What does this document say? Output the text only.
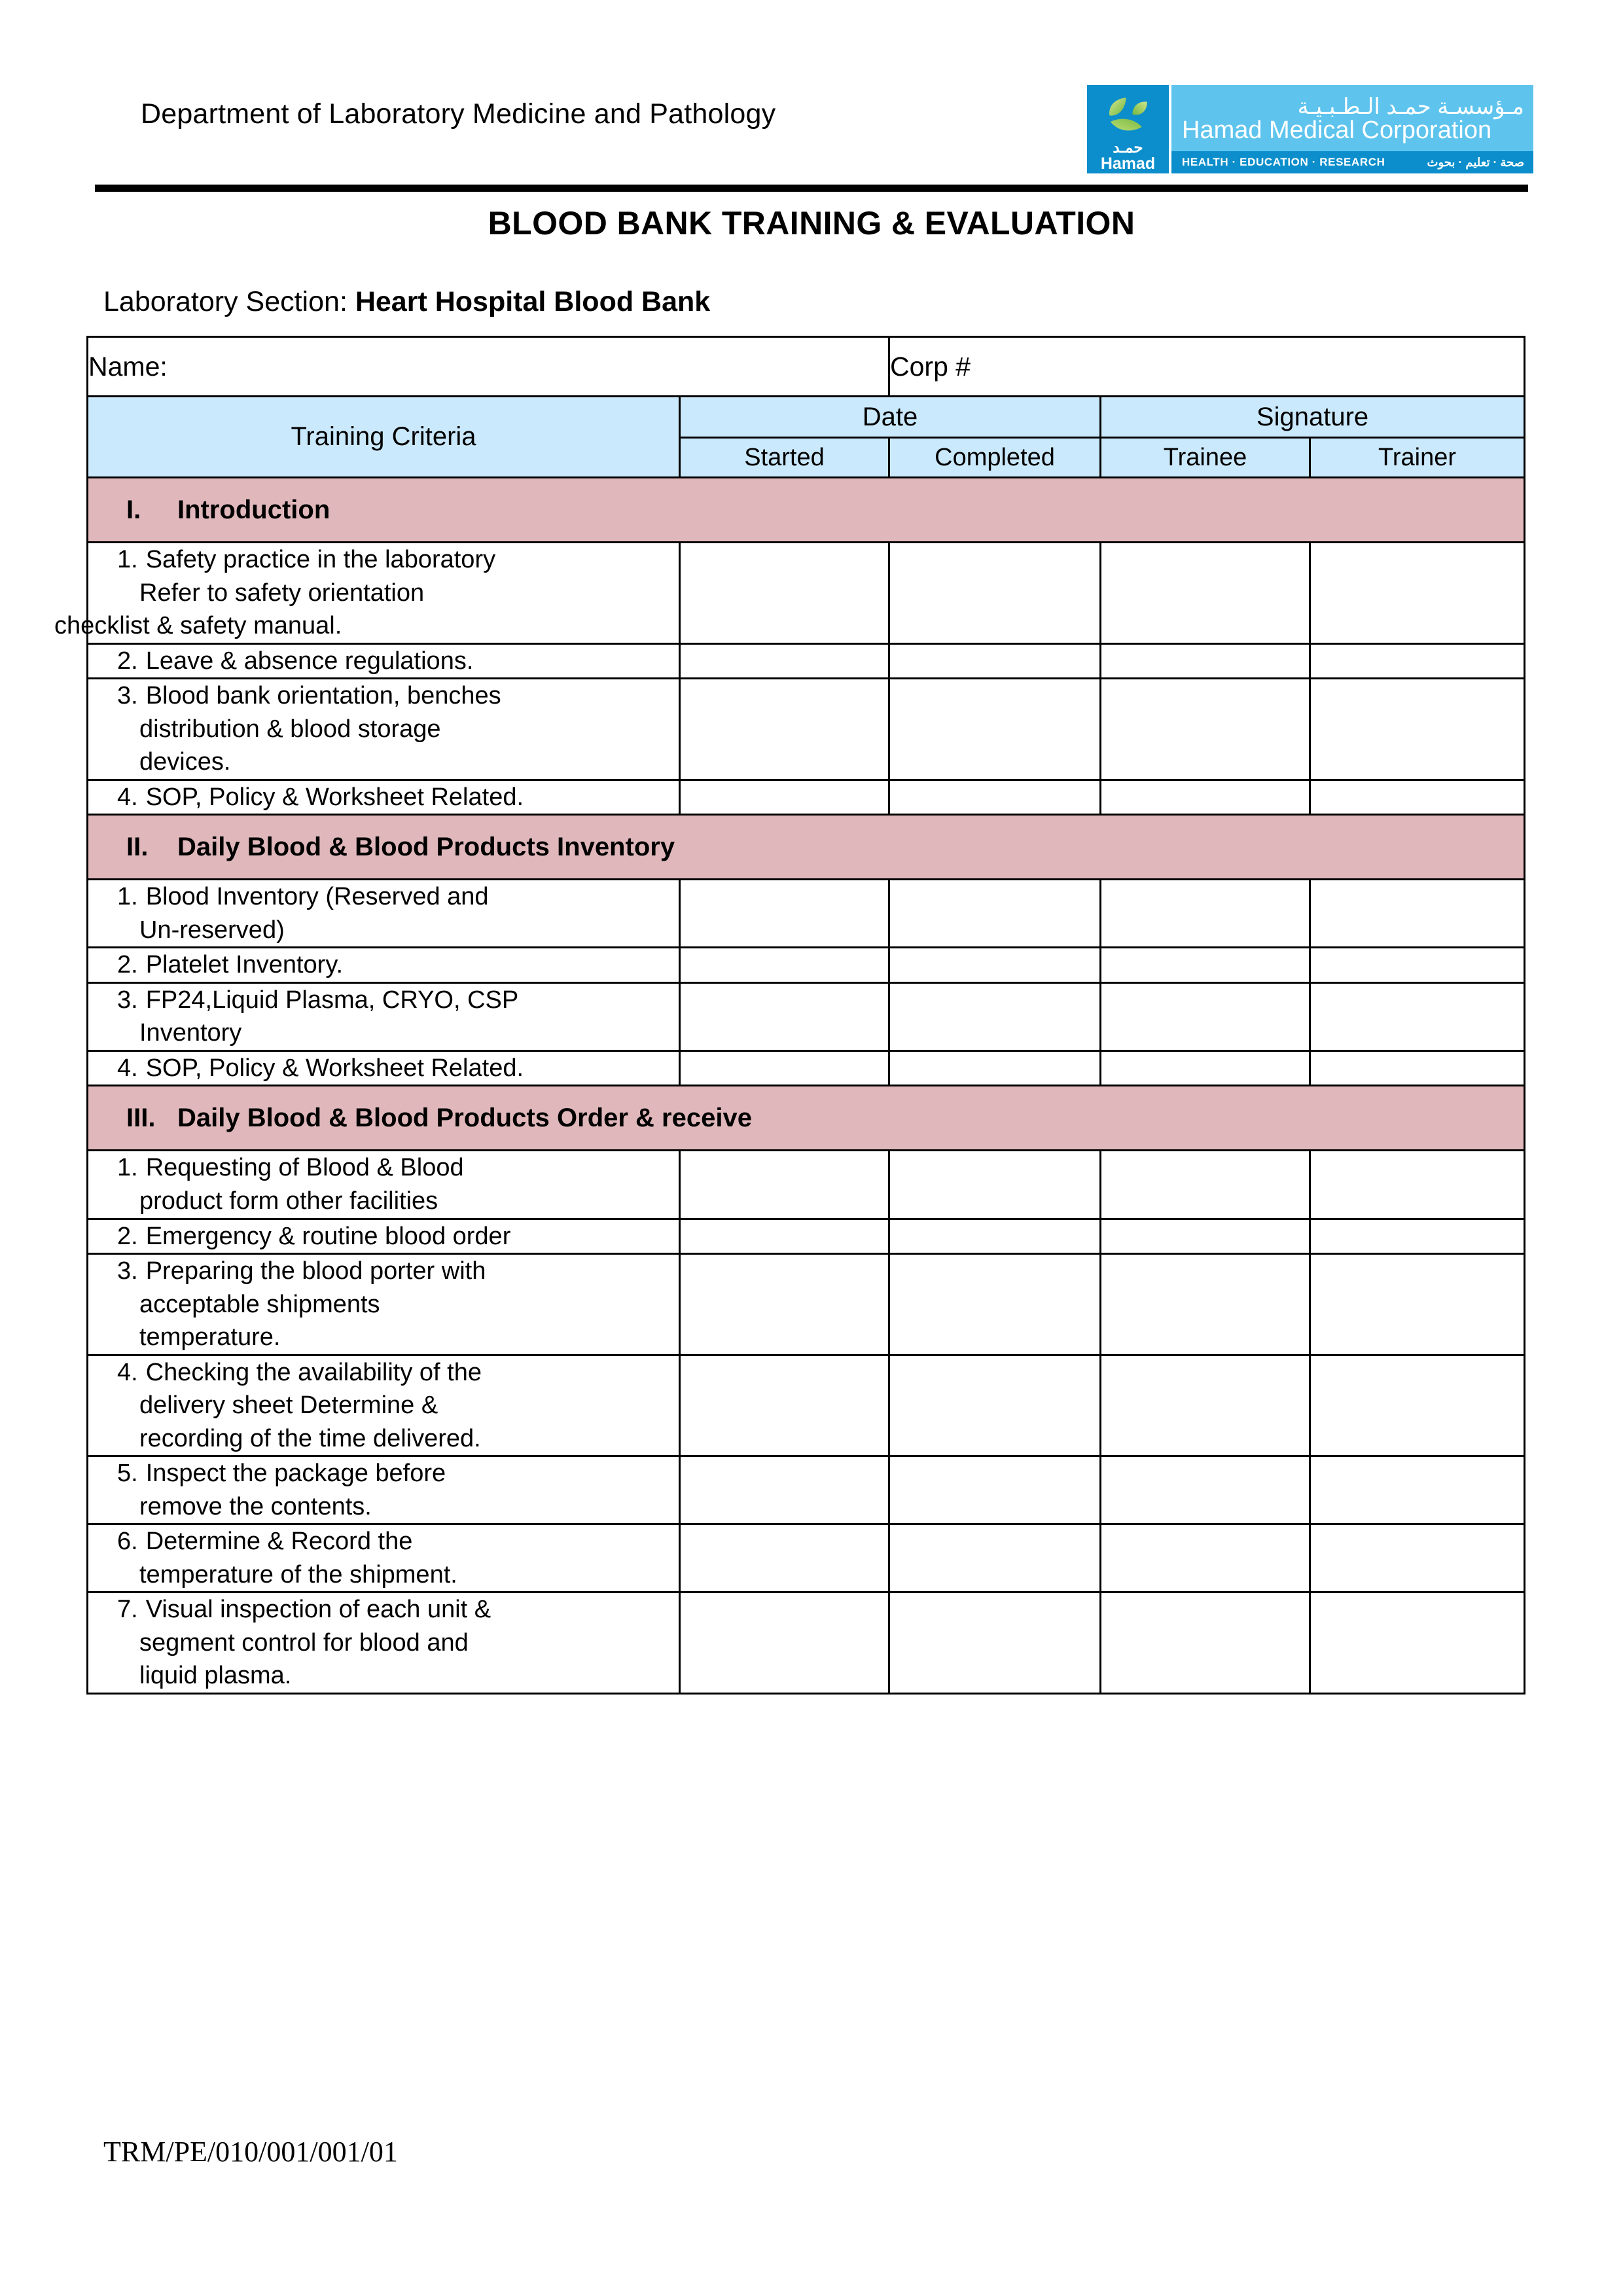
Department of Laboratory Medicine and Pathology
حمـد
Hamad
مـؤسسـة حمـد الـطـبـيـة
Hamad Medical Corporation
HEALTH · EDUCATION · RESEARCH	صحة · تعليم · بحوث
BLOOD BANK TRAINING & EVALUATION
Laboratory Section: Heart Hospital Blood Bank
Name:		Corp #		
Training Criteria	Date		Signature	
	Started	Completed	Trainee	Trainer

I. Introduction				

1. Safety practice in the laboratory
Refer to safety orientation
checklist & safety manual.				

2. Leave & absence regulations.				

3. Blood bank orientation, benches
distribution & blood storage
devices.				

4. SOP, Policy & Worksheet Related.				

II. Daily Blood & Blood Products Inventory				

1. Blood Inventory (Reserved and
Un-reserved)				

2. Platelet Inventory.				

3. FP24,Liquid Plasma, CRYO, CSP
Inventory				

4. SOP, Policy & Worksheet Related.				

III. Daily Blood & Blood Products Order & receive				

1. Requesting of Blood & Blood
product form other facilities				

2. Emergency & routine blood order				

3. Preparing the blood porter with
acceptable shipments
temperature.				

4. Checking the availability of the
delivery sheet Determine &
recording of the time delivered.				

5. Inspect the package before
remove the contents.				

6. Determine & Record the
temperature of the shipment.				

7. Visual inspection of each unit &
segment control for blood and
liquid plasma.				

TRM/PE/010/001/001/01
